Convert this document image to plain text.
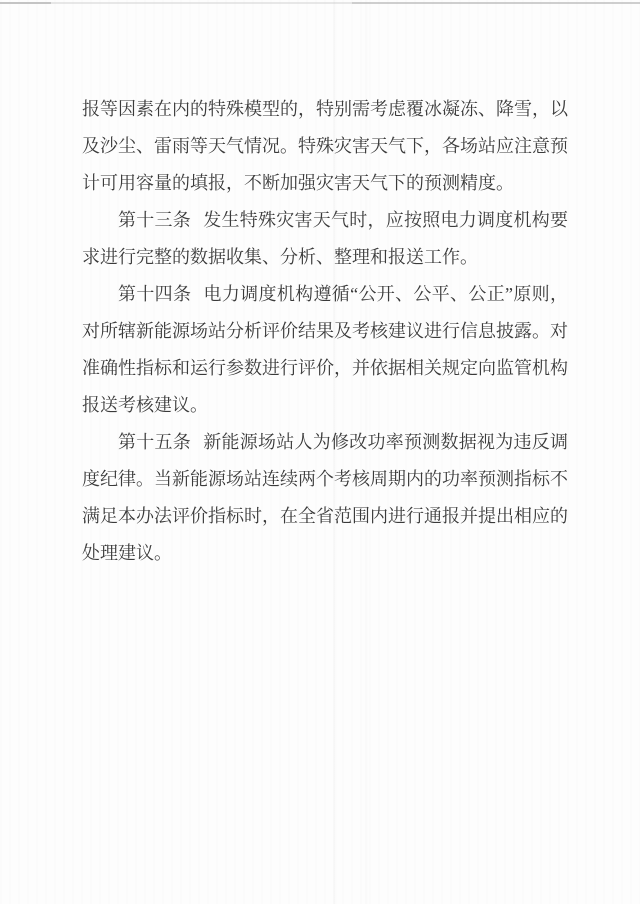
报等因素在内的特殊模型的，特别需考虑覆冰凝冻、降雪，以及沙尘、雷雨等天气情况。特殊灾害天气下，各场站应注意预计可用容量的填报，不断加强灾害天气下的预测精度。

第十三条 发生特殊灾害天气时，应按照电力调度机构要求进行完整的数据收集、分析、整理和报送工作。

第十四条 电力调度机构遵循“公开、公平、公正”原则，对所辖新能源场站分析评价结果及考核建议进行信息披露。对准确性指标和运行参数进行评价，并依据相关规定向监管机构报送考核建议。

第十五条 新能源场站人为修改功率预测数据视为违反调度纪律。当新能源场站连续两个考核周期内的功率预测指标不满足本办法评价指标时，在全省范围内进行通报并提出相应的处理建议。
